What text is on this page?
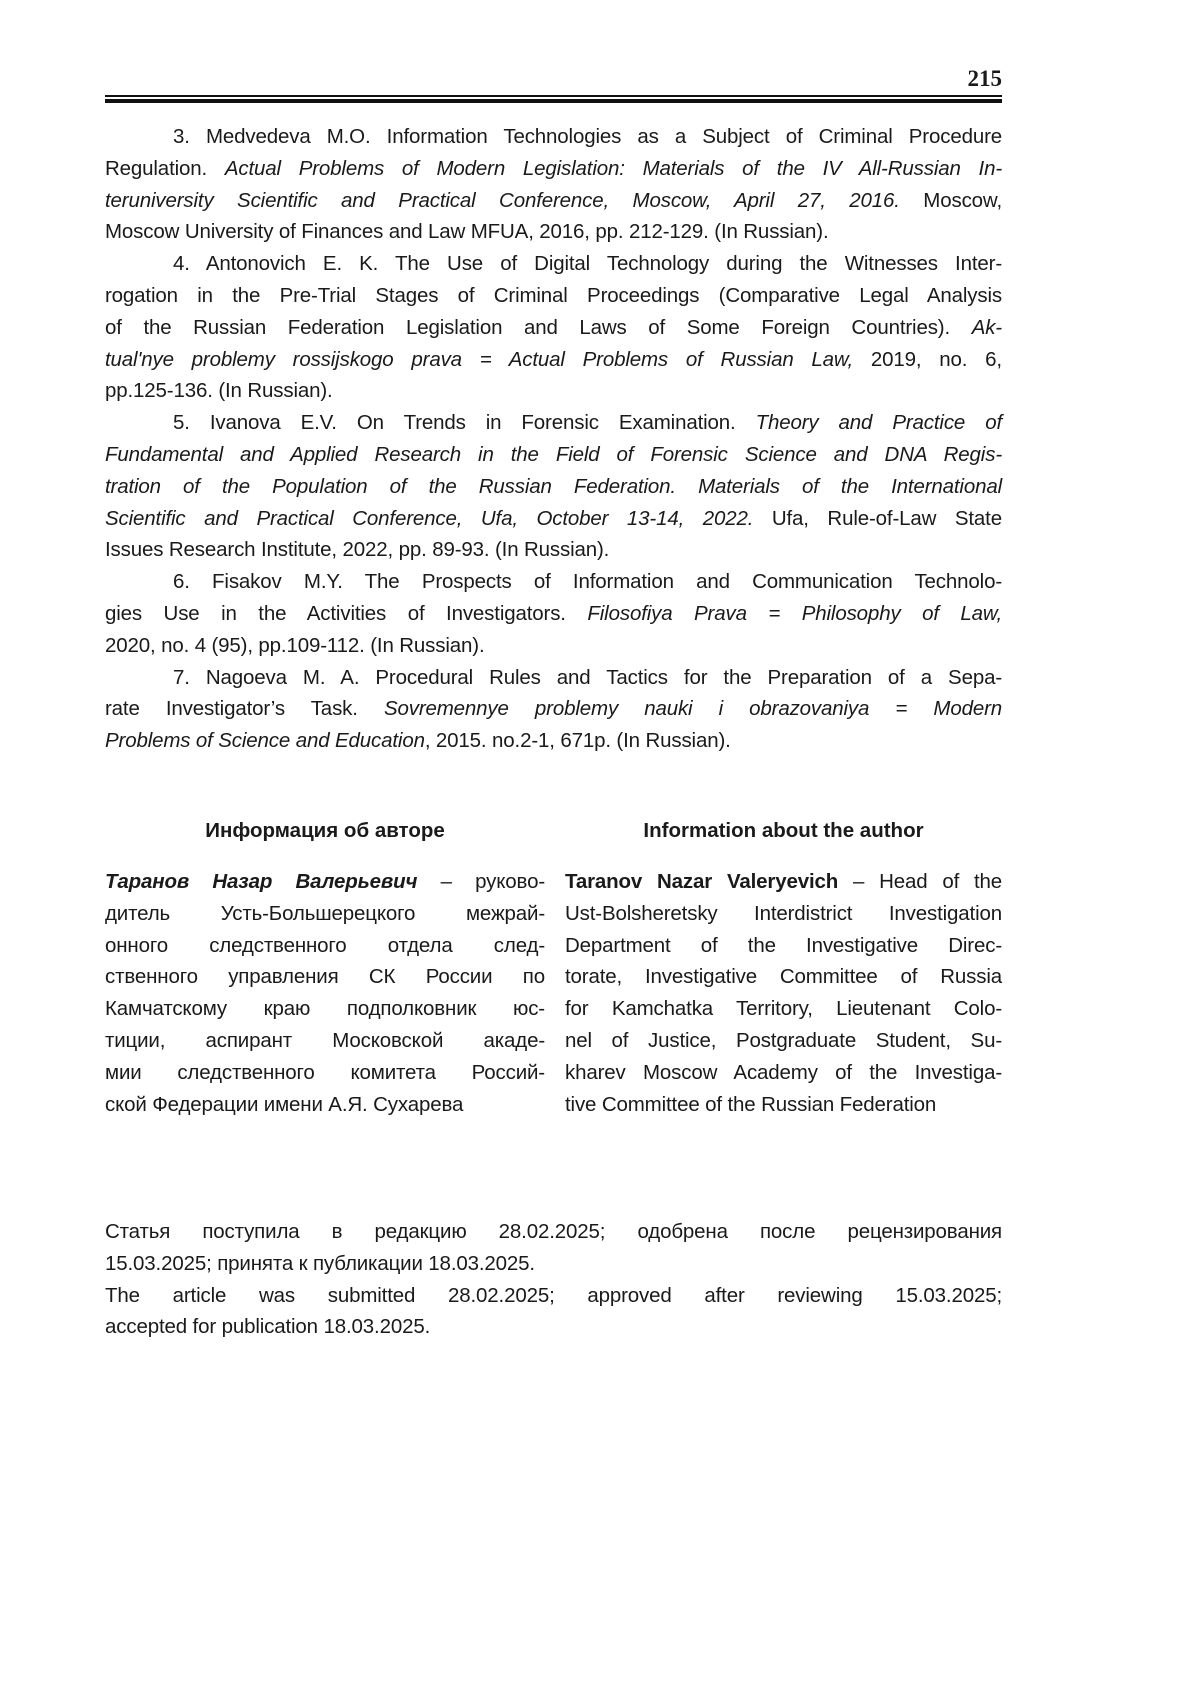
215
3. Medvedeva M.O. Information Technologies as a Subject of Criminal Procedure
Regulation. Actual Problems of Modern Legislation: Materials of the IV All-Russian In-
teruniversity Scientific and Practical Conference, Moscow, April 27, 2016. Moscow,
Moscow University of Finances and Law MFUA, 2016, pp. 212-129. (In Russian).
4. Antonovich E. K. The Use of Digital Technology during the Witnesses Inter-
rogation in the Pre-Trial Stages of Criminal Proceedings (Comparative Legal Analysis
of the Russian Federation Legislation and Laws of Some Foreign Countries). Ak-
tual'nye problemy rossijskogo prava = Actual Problems of Russian Law, 2019, no. 6,
pp.125-136. (In Russian).
5. Ivanova E.V. On Trends in Forensic Examination. Theory and Practice of
Fundamental and Applied Research in the Field of Forensic Science and DNA Regis-
tration of the Population of the Russian Federation. Materials of the International
Scientific and Practical Conference, Ufa, October 13-14, 2022. Ufa, Rule-of-Law State
Issues Research Institute, 2022, pp. 89-93. (In Russian).
6. Fisakov M.Y. The Prospects of Information and Communication Technolo-
gies Use in the Activities of Investigators. Filosofiya Prava = Philosophy of Law,
2020, no. 4 (95), pp.109-112. (In Russian).
7. Nagoeva M. A. Procedural Rules and Tactics for the Preparation of a Sepa-
rate Investigator’s Task. Sovremennye problemy nauki i obrazovaniya = Modern
Problems of Science and Education, 2015. no.2-1, 671p. (In Russian).
Информация об авторе	Information about the author
Таранов Назар Валерьевич – руково-
дитель Усть-Большерецкого межрай-
онного следственного отдела след-
ственного управления СК России по
Камчатскому краю подполковник юс-
тиции, аспирант Московской акаде-
мии следственного комитета Россий-
ской Федерации имени А.Я. Сухарева
Taranov Nazar Valeryevich – Head of the
Ust-Bolsheretsky Interdistrict Investigation
Department of the Investigative Direc-
torate, Investigative Committee of Russia
for Kamchatka Territory, Lieutenant Colo-
nel of Justice, Postgraduate Student, Su-
kharev Moscow Academy of the Investiga-
tive Committee of the Russian Federation
Статья поступила в редакцию 28.02.2025; одобрена после рецензирования
15.03.2025; принята к публикации 18.03.2025.
The article was submitted 28.02.2025; approved after reviewing 15.03.2025;
accepted for publication 18.03.2025.
